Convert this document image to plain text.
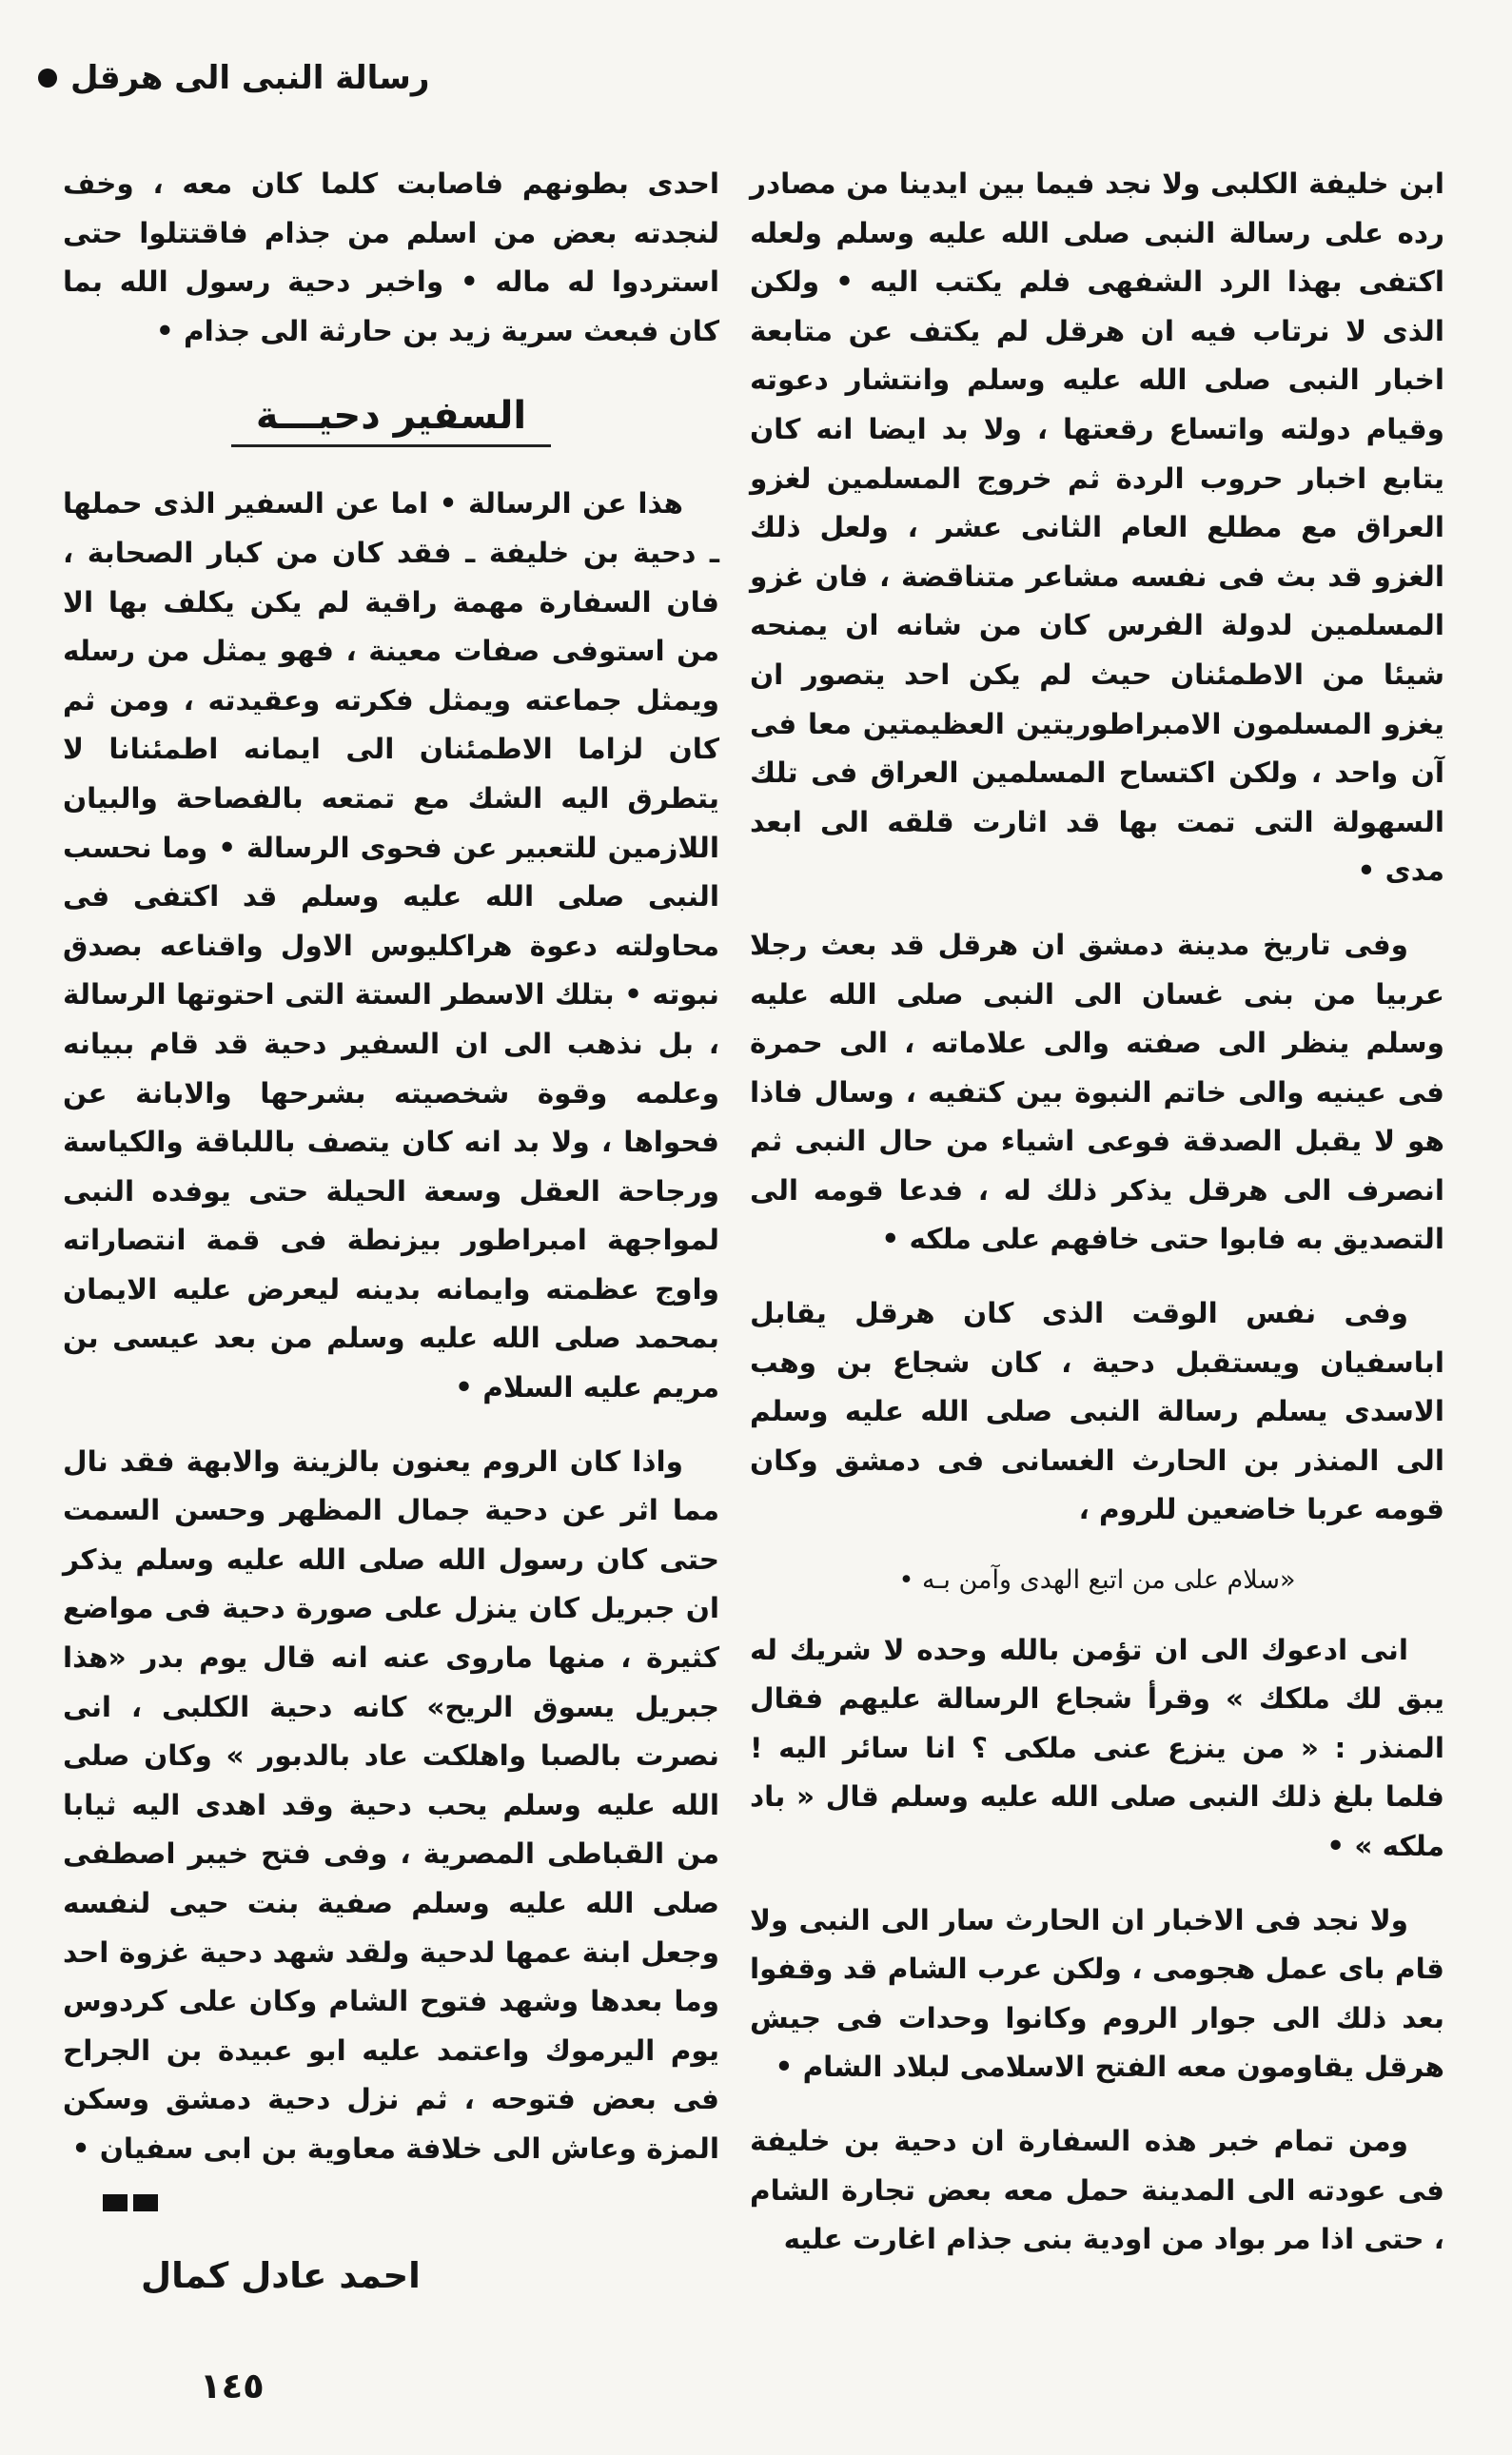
رسالة النبى الى هرقل

ابن خليفة الكلبى ولا نجد فيما بين ايدينا من مصادر رده على رسالة النبى صلى الله عليه وسلم ولعله اكتفى بهذا الرد الشفهى فلم يكتب اليه • ولكن الذى لا نرتاب فيه ان هرقل لم يكتف عن متابعة اخبار النبى صلى الله عليه وسلم وانتشار دعوته وقيام دولته واتساع رقعتها ، ولا بد ايضا انه كان يتابع اخبار حروب الردة ثم خروج المسلمين لغزو العراق مع مطلع العام الثانى عشر ، ولعل ذلك الغزو قد بث فى نفسه مشاعر متناقضة ، فان غزو المسلمين لدولة الفرس كان من شانه ان يمنحه شيئا من الاطمئنان حيث لم يكن احد يتصور ان يغزو المسلمون الامبراطوريتين العظيمتين معا فى آن واحد ، ولكن اكتساح المسلمين العراق فى تلك السهولة التى تمت بها قد اثارت قلقه الى ابعد مدى •

وفى تاريخ مدينة دمشق ان هرقل قد بعث رجلا عربيا من بنى غسان الى النبى صلى الله عليه وسلم ينظر الى صفته والى علاماته ، الى حمرة فى عينيه والى خاتم النبوة بين كتفيه ، وسال فاذا هو لا يقبل الصدقة فوعى اشياء من حال النبى ثم انصرف الى هرقل يذكر ذلك له ، فدعا قومه الى التصديق به فابوا حتى خافهم على ملكه •

وفى نفس الوقت الذى كان هرقل يقابل اباسفيان ويستقبل دحية ، كان شجاع بن وهب الاسدى يسلم رسالة النبى صلى الله عليه وسلم الى المنذر بن الحارث الغسانى فى دمشق وكان قومه عربا خاضعين للروم ،

«سلام على من اتبع الهدى وآمن بـه •

انى ادعوك الى ان تؤمن بالله وحده لا شريك له يبق لك ملكك » وقرأ شجاع الرسالة عليهم فقال المنذر : « من ينزع عنى ملكى ؟ انا سائر اليه ! فلما بلغ ذلك النبى صلى الله عليه وسلم قال « باد ملكه » •

ولا نجد فى الاخبار ان الحارث سار الى النبى ولا قام باى عمل هجومى ، ولكن عرب الشام قد وقفوا بعد ذلك الى جوار الروم وكانوا وحدات فى جيش هرقل يقاومون معه الفتح الاسلامى لبلاد الشام •

ومن تمام خبر هذه السفارة ان دحية بن خليفة فى عودته الى المدينة حمل معه بعض تجارة الشام ، حتى اذا مر بواد من اودية بنى جذام اغارت عليه

احدى بطونهم فاصابت كلما كان معه ، وخف لنجدته بعض من اسلم من جذام فاقتتلوا حتى استردوا له ماله • واخبر دحية رسول الله بما كان فبعث سرية زيد بن حارثة الى جذام •

السفير دحيـــة

هذا عن الرسالة • اما عن السفير الذى حملها ـ دحية بن خليفة ـ فقد كان من كبار الصحابة ، فان السفارة مهمة راقية لم يكن يكلف بها الا من استوفى صفات معينة ، فهو يمثل من رسله ويمثل جماعته ويمثل فكرته وعقيدته ، ومن ثم كان لزاما الاطمئنان الى ايمانه اطمئنانا لا يتطرق اليه الشك مع تمتعه بالفصاحة والبيان اللازمين للتعبير عن فحوى الرسالة • وما نحسب النبى صلى الله عليه وسلم قد اكتفى فى محاولته دعوة هراكليوس الاول واقناعه بصدق نبوته • بتلك الاسطر الستة التى احتوتها الرسالة ، بل نذهب الى ان السفير دحية قد قام ببيانه وعلمه وقوة شخصيته بشرحها والابانة عن فحواها ، ولا بد انه كان يتصف باللباقة والكياسة ورجاحة العقل وسعة الحيلة حتى يوفده النبى لمواجهة امبراطور بيزنطة فى قمة انتصاراته واوج عظمته وايمانه بدينه ليعرض عليه الايمان بمحمد صلى الله عليه وسلم من بعد عيسى بن مريم عليه السلام •

واذا كان الروم يعنون بالزينة والابهة فقد نال مما اثر عن دحية جمال المظهر وحسن السمت حتى كان رسول الله صلى الله عليه وسلم يذكر ان جبريل كان ينزل على صورة دحية فى مواضع كثيرة ، منها ماروى عنه انه قال يوم بدر «هذا جبريل يسوق الريح» كانه دحية الكلبى ، انى نصرت بالصبا واهلكت عاد بالدبور » وكان صلى الله عليه وسلم يحب دحية وقد اهدى اليه ثيابا من القباطى المصرية ، وفى فتح خيبر اصطفى صلى الله عليه وسلم صفية بنت حيى لنفسه وجعل ابنة عمها لدحية ولقد شهد دحية غزوة احد وما بعدها وشهد فتوح الشام وكان على كردوس يوم اليرموك واعتمد عليه ابو عبيدة بن الجراح فى بعض فتوحه ، ثم نزل دحية دمشق وسكن المزة وعاش الى خلافة معاوية بن ابى سفيان •

احمد عادل كمال
١٤٥
